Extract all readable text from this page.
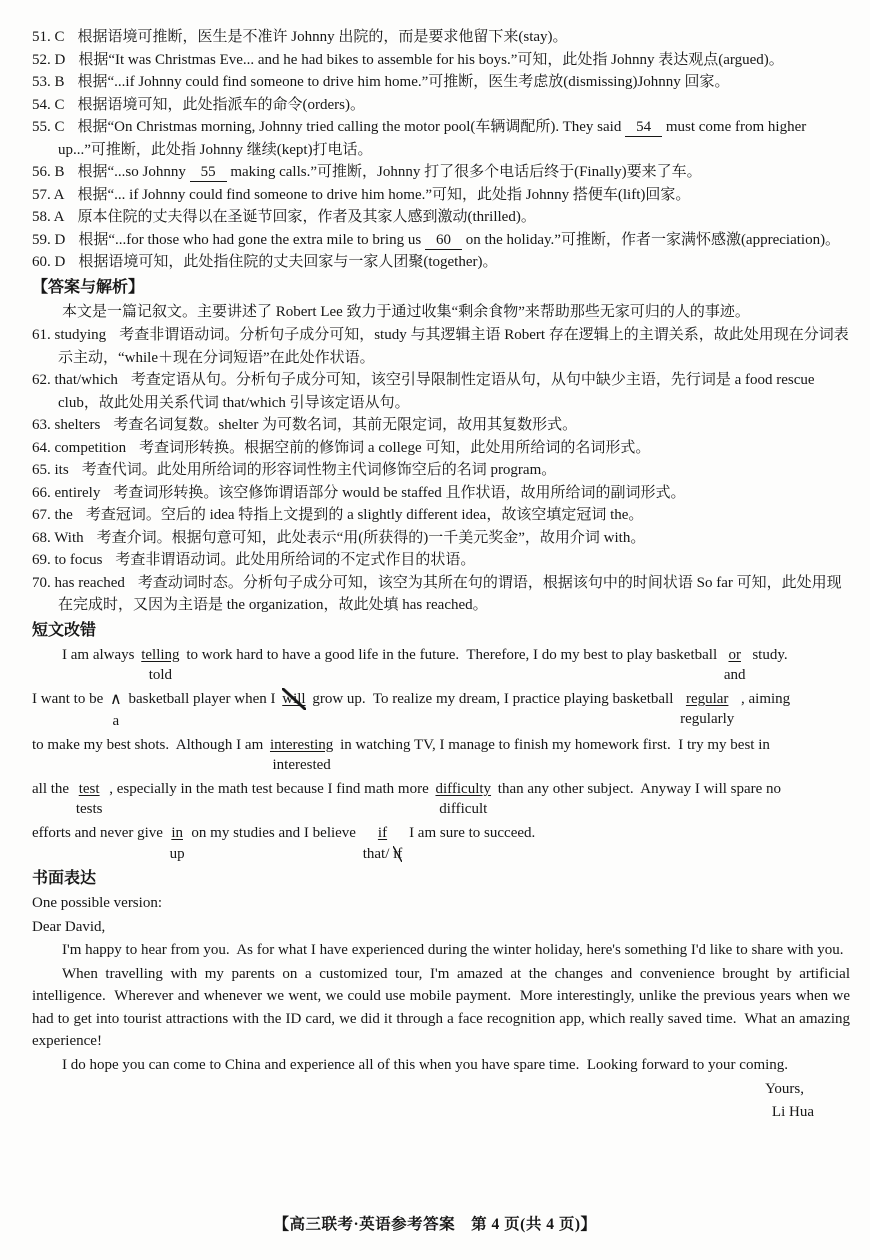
51. C 根据语境可推断，医生是不准许 Johnny 出院的，而是要求他留下来(stay)。
52. D 根据“It was Christmas Eve... and he had bikes to assemble for his boys.”可知，此处指 Johnny 表达观点(argued)。
53. B 根据“...if Johnny could find someone to drive him home.”可推断，医生考虑放(dismissing)Johnny 回家。
54. C 根据语境可知，此处指派车的命令(orders)。
55. C 根据“On Christmas morning, Johnny tried calling the motor pool(车辆调配所). They said 54 must come from higher up...”可推断，此处指 Johnny 继续(kept)打电话。
56. B 根据“...so Johnny 55 making calls.”可推断，Johnny 打了很多个电话后终于(Finally)要来了车。
57. A 根据“... if Johnny could find someone to drive him home.”可知，此处指 Johnny 搭便车(lift)回家。
58. A 原本住院的丈夫得以在圣诞节回家，作者及其家人感到激动(thrilled)。
59. D 根据“...for those who had gone the extra mile to bring us 60 on the holiday.”可推断，作者一家满怀感激(appreciation)。
60. D 根据语境可知，此处指住院的丈夫回家与一家人团聚(together)。
【答案与解析】

本文是一篇记叙文。主要讲述了 Robert Lee 致力于通过收集“剩余食物”来帮助那些无家可归的人的事迹。

61. studying 考查非谓语动词。分析句子成分可知，study 与其逻辑主语 Robert 存在逻辑上的主谓关系，故此处用现在分词表示主动，“while＋现在分词短语”在此处作状语。
62. that/which 考查定语从句。分析句子成分可知，该空引导限制性定语从句，从句中缺少主语，先行词是 a food rescue club，故此处用关系代词 that/which 引导该定语从句。
63. shelters 考查名词复数。shelter 为可数名词，其前无限定词，故用其复数形式。
64. competition 考查词形转换。根据空前的修饰词 a college 可知，此处用所给词的名词形式。
65. its 考查代词。此处用所给词的形容词性物主代词修饰空后的名词 program。
66. entirely 考查词形转换。该空修饰谓语部分 would be staffed 且作状语，故用所给词的副词形式。
67. the 考查冠词。空后的 idea 特指上文提到的 a slightly different idea，故该空填定冠词 the。
68. With 考查介词。根据句意可知，此处表示“用(所获得的)一千美元奖金”，故用介词 with。
69. to focus 考查非谓语动词。此处用所给词的不定式作目的状语。
70. has reached 考查动词时态。分析句子成分可知，该空为其所在句的谓语，根据该句中的时间状语 So far 可知，此处用现在完成时，又因为主语是 the organization，故此处填 has reached。
短文改错
I am always telling
told
to work hard to have a good life in the future.  Therefore, I do my best to play basketball or
and
study.
I want to be ∧
a
basketball player when I will grow up.  To realize my dream, I practice playing basketball regular
regularly
, aiming
to make my best shots.  Although I am interesting
interested
in watching TV, I manage to finish my homework first.  I try my best in
all the test
tests
, especially in the math test because I find math more difficulty
difficult
than any other subject.  Anyway I will spare no
efforts and never give $\frac{in}{up}$ on my studies and I believe	if
that/ if
I am sure to succeed.
书面表达
One possible version:
Dear David,

I'm happy to hear from you.  As for what I have experienced during the winter holiday, here's something I'd like to share with you.

When travelling with my parents on a customized tour, I'm amazed at the changes and convenience brought by artificial intelligence.  Wherever and whenever we went, we could use mobile payment.  More interestingly, unlike the previous years when we had to get into tourist attractions with the ID card, we did it through a face recognition app, which really saved time.  What an amazing experience!

I do hope you can come to China and experience all of this when you have spare time.  Looking forward to your coming.

Yours,
Li Hua
【高三联考·英语参考答案　第 4 页(共 4 页)】
